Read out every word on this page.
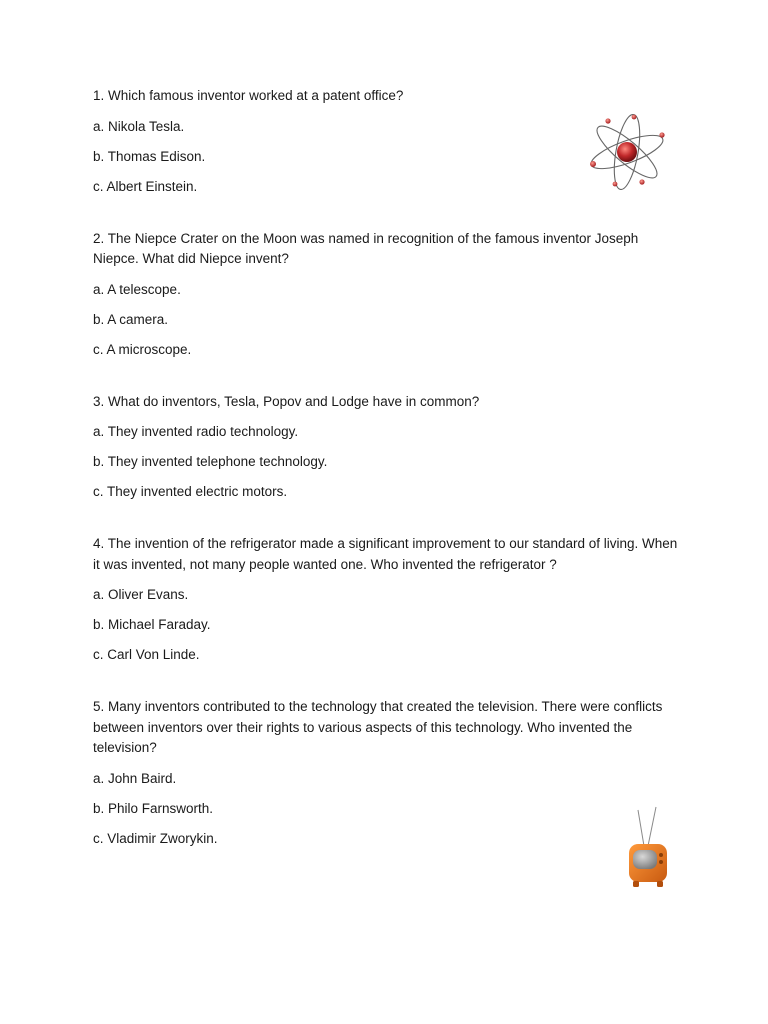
1. Which famous inventor worked at a patent office?

a. Nikola Tesla.

b. Thomas Edison.

c. Albert Einstein.

2. The Niepce Crater on the Moon was named in recognition of the famous inventor Joseph Niepce. What did Niepce invent?

a. A telescope.

b. A camera.

c. A microscope.

3. What do inventors, Tesla, Popov and Lodge have in common?

a. They invented radio technology.

b. They invented telephone technology.

c. They invented electric motors.

4. The invention of the refrigerator made a significant improvement to our standard of living. When it was invented, not many people wanted one. Who invented the refrigerator ?

a. Oliver Evans.

b. Michael Faraday.

c. Carl Von Linde.

5. Many inventors contributed to the technology that created the television. There were conflicts between inventors over their rights to various aspects of this technology. Who invented the television?

a. John Baird.

b. Philo Farnsworth.

c. Vladimir Zworykin.
